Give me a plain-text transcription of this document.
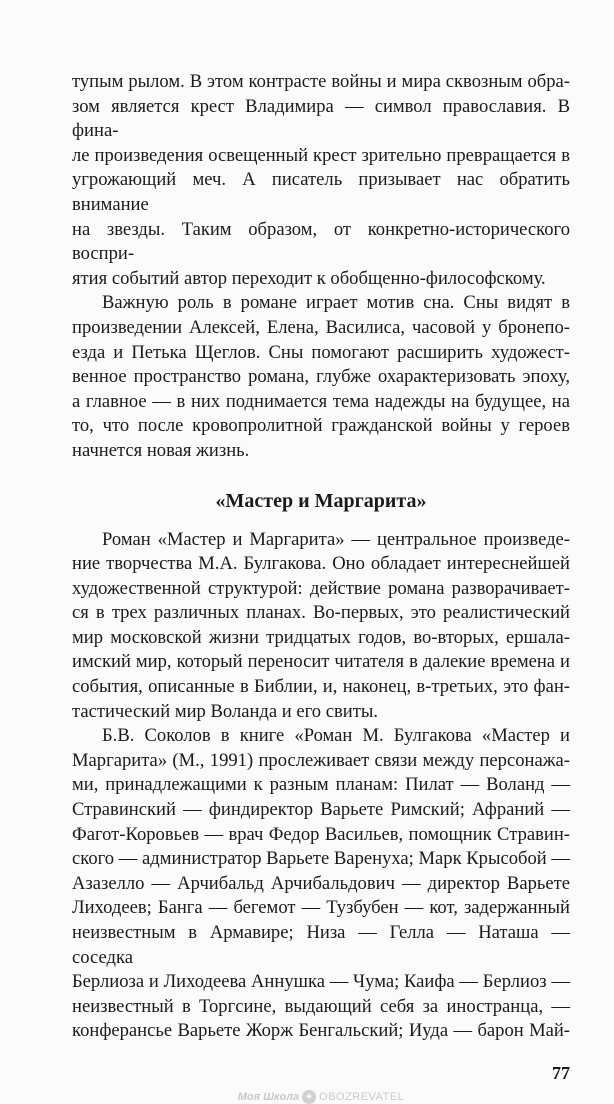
тупым рылом. В этом контрасте войны и мира сквозным обра-
зом является крест Владимира — символ православия. В фина-
ле произведения освещенный крест зрительно превращается в
угрожающий меч. А писатель призывает нас обратить внимание
на звезды. Таким образом, от конкретно-исторического воспри-
ятия событий автор переходит к обобщенно-философскому.
Важную роль в романе играет мотив сна. Сны видят в
произведении Алексей, Елена, Василиса, часовой у бронепо-
езда и Петька Щеглов. Сны помогают расширить художест-
венное пространство романа, глубже охарактеризовать эпоху,
а главное — в них поднимается тема надежды на будущее, на
то, что после кровопролитной гражданской войны у героев
начнется новая жизнь.
«Мастер и Маргарита»
Роман «Мастер и Маргарита» — центральное произведе-
ние творчества М.А. Булгакова. Оно обладает интереснейшей
художественной структурой: действие романа разворачивает-
ся в трех различных планах. Во-первых, это реалистический
мир московской жизни тридцатых годов, во-вторых, ершала-
имский мир, который переносит читателя в далекие времена и
события, описанные в Библии, и, наконец, в-третьих, это фан-
тастический мир Воланда и его свиты.
Б.В. Соколов в книге «Роман М. Булгакова «Мастер и
Маргарита» (М., 1991) прослеживает связи между персонажа-
ми, принадлежащими к разным планам: Пилат — Воланд —
Стравинский — финдиректор Варьете Римский; Афраний —
Фагот-Коровьев — врач Федор Васильев, помощник Стравин-
ского — администратор Варьете Варенуха; Марк Крысобой —
Азазелло — Арчибальд Арчибальдович — директор Варьете
Лиходеев; Банга — бегемот — Тузбубен — кот, задержанный
неизвестным в Армавире; Низа — Гелла — Наташа — соседка
Берлиоза и Лиходеева Аннушка — Чума; Каифа — Берлиоз —
неизвестный в Торгсине, выдающий себя за иностранца, —
конферансье Варьете Жорж Бенгальский; Иуда — барон Май-
77
Моя Школа + OBOZREVATEL
